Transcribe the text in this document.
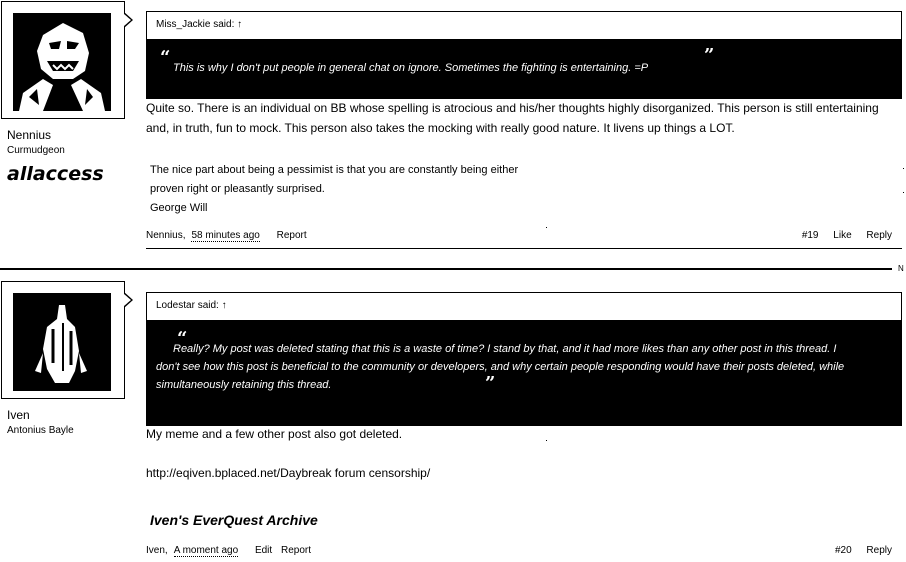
Nennius
Curmudgeon
allaccess
Miss_Jackie said: ↑
“ This is why I don't put people in general chat on ignore. Sometimes the fighting is entertaining. =P
”
Quite so. There is an individual on BB whose spelling is atrocious and his/her thoughts highly disorganized. This person is still entertaining and, in truth, fun to mock. This person also takes the mocking with really good nature. It livens up things a LOT.
The nice part about being a pessimist is that you are constantly being either
proven right or pleasantly surprised.
George Will
Nennius, 58 minutes ago Report	#19 Like Reply
N
Iven
Antonius Bayle
Lodestar said: ↑
“
Really? My post was deleted stating that this is a waste of time? I stand by that, and it had more likes than any other post in this thread. I don't see how this post is beneficial to the community or developers, and why certain people responding would have their posts deleted, while simultaneously retaining this thread.	”
My meme and a few other post also got deleted.
http://eqiven.bplaced.net/Daybreak forum censorship/
Iven's EverQuest Archive
Iven, A moment ago Edit Report	#20 Reply
